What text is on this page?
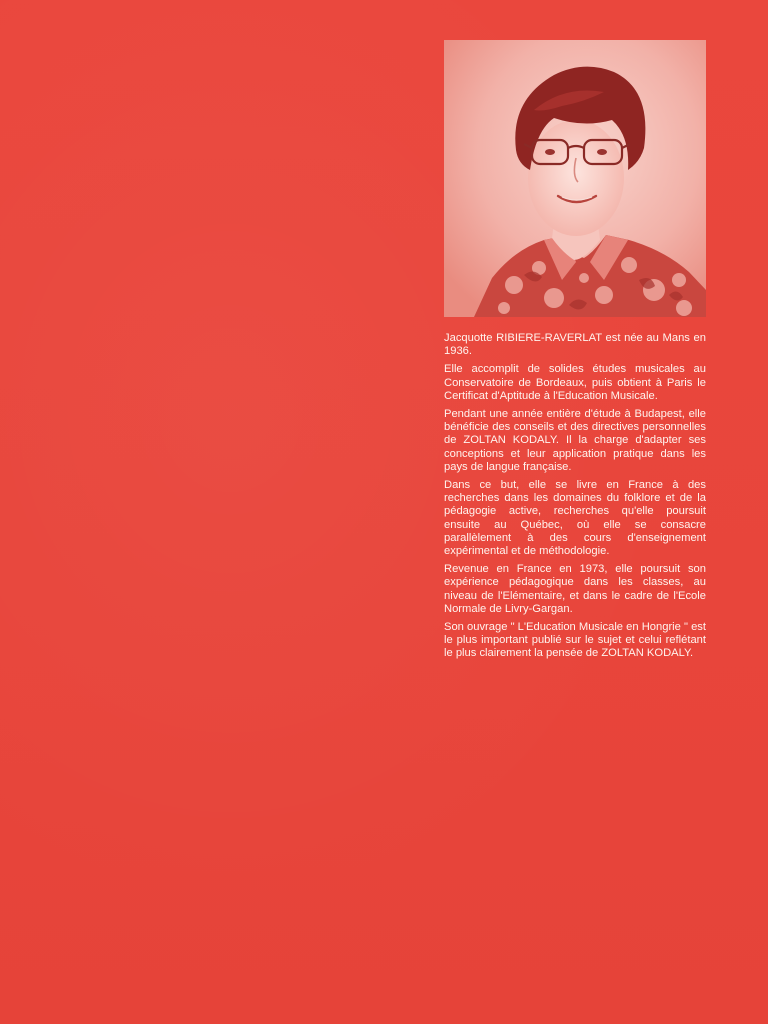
Jacquotte RIBIERE-RAVERLAT est née au Mans en 1936.

Elle accomplit de solides études musicales au Conservatoire de Bordeaux, puis obtient à Paris le Certificat d'Aptitude à l'Education Musicale.

Pendant une année entière d'étude à Budapest, elle bénéficie des conseils et des directives personnelles de ZOLTAN KODALY. Il la charge d'adapter ses conceptions et leur application pratique dans les pays de langue française.

Dans ce but, elle se livre en France à des recherches dans les domaines du folklore et de la pédagogie active, recherches qu'elle poursuit ensuite au Québec, où elle se consacre parallèlement à des cours d'enseignement expérimental et de méthodologie.

Revenue en France en 1973, elle poursuit son expérience pédagogique dans les classes, au niveau de l'Elémentaire, et dans le cadre de l'Ecole Normale de Livry-Gargan.

Son ouvrage " L'Education Musicale en Hongrie " est le plus important publié sur le sujet et celui reflétant le plus clairement la pensée de ZOLTAN KODALY.
